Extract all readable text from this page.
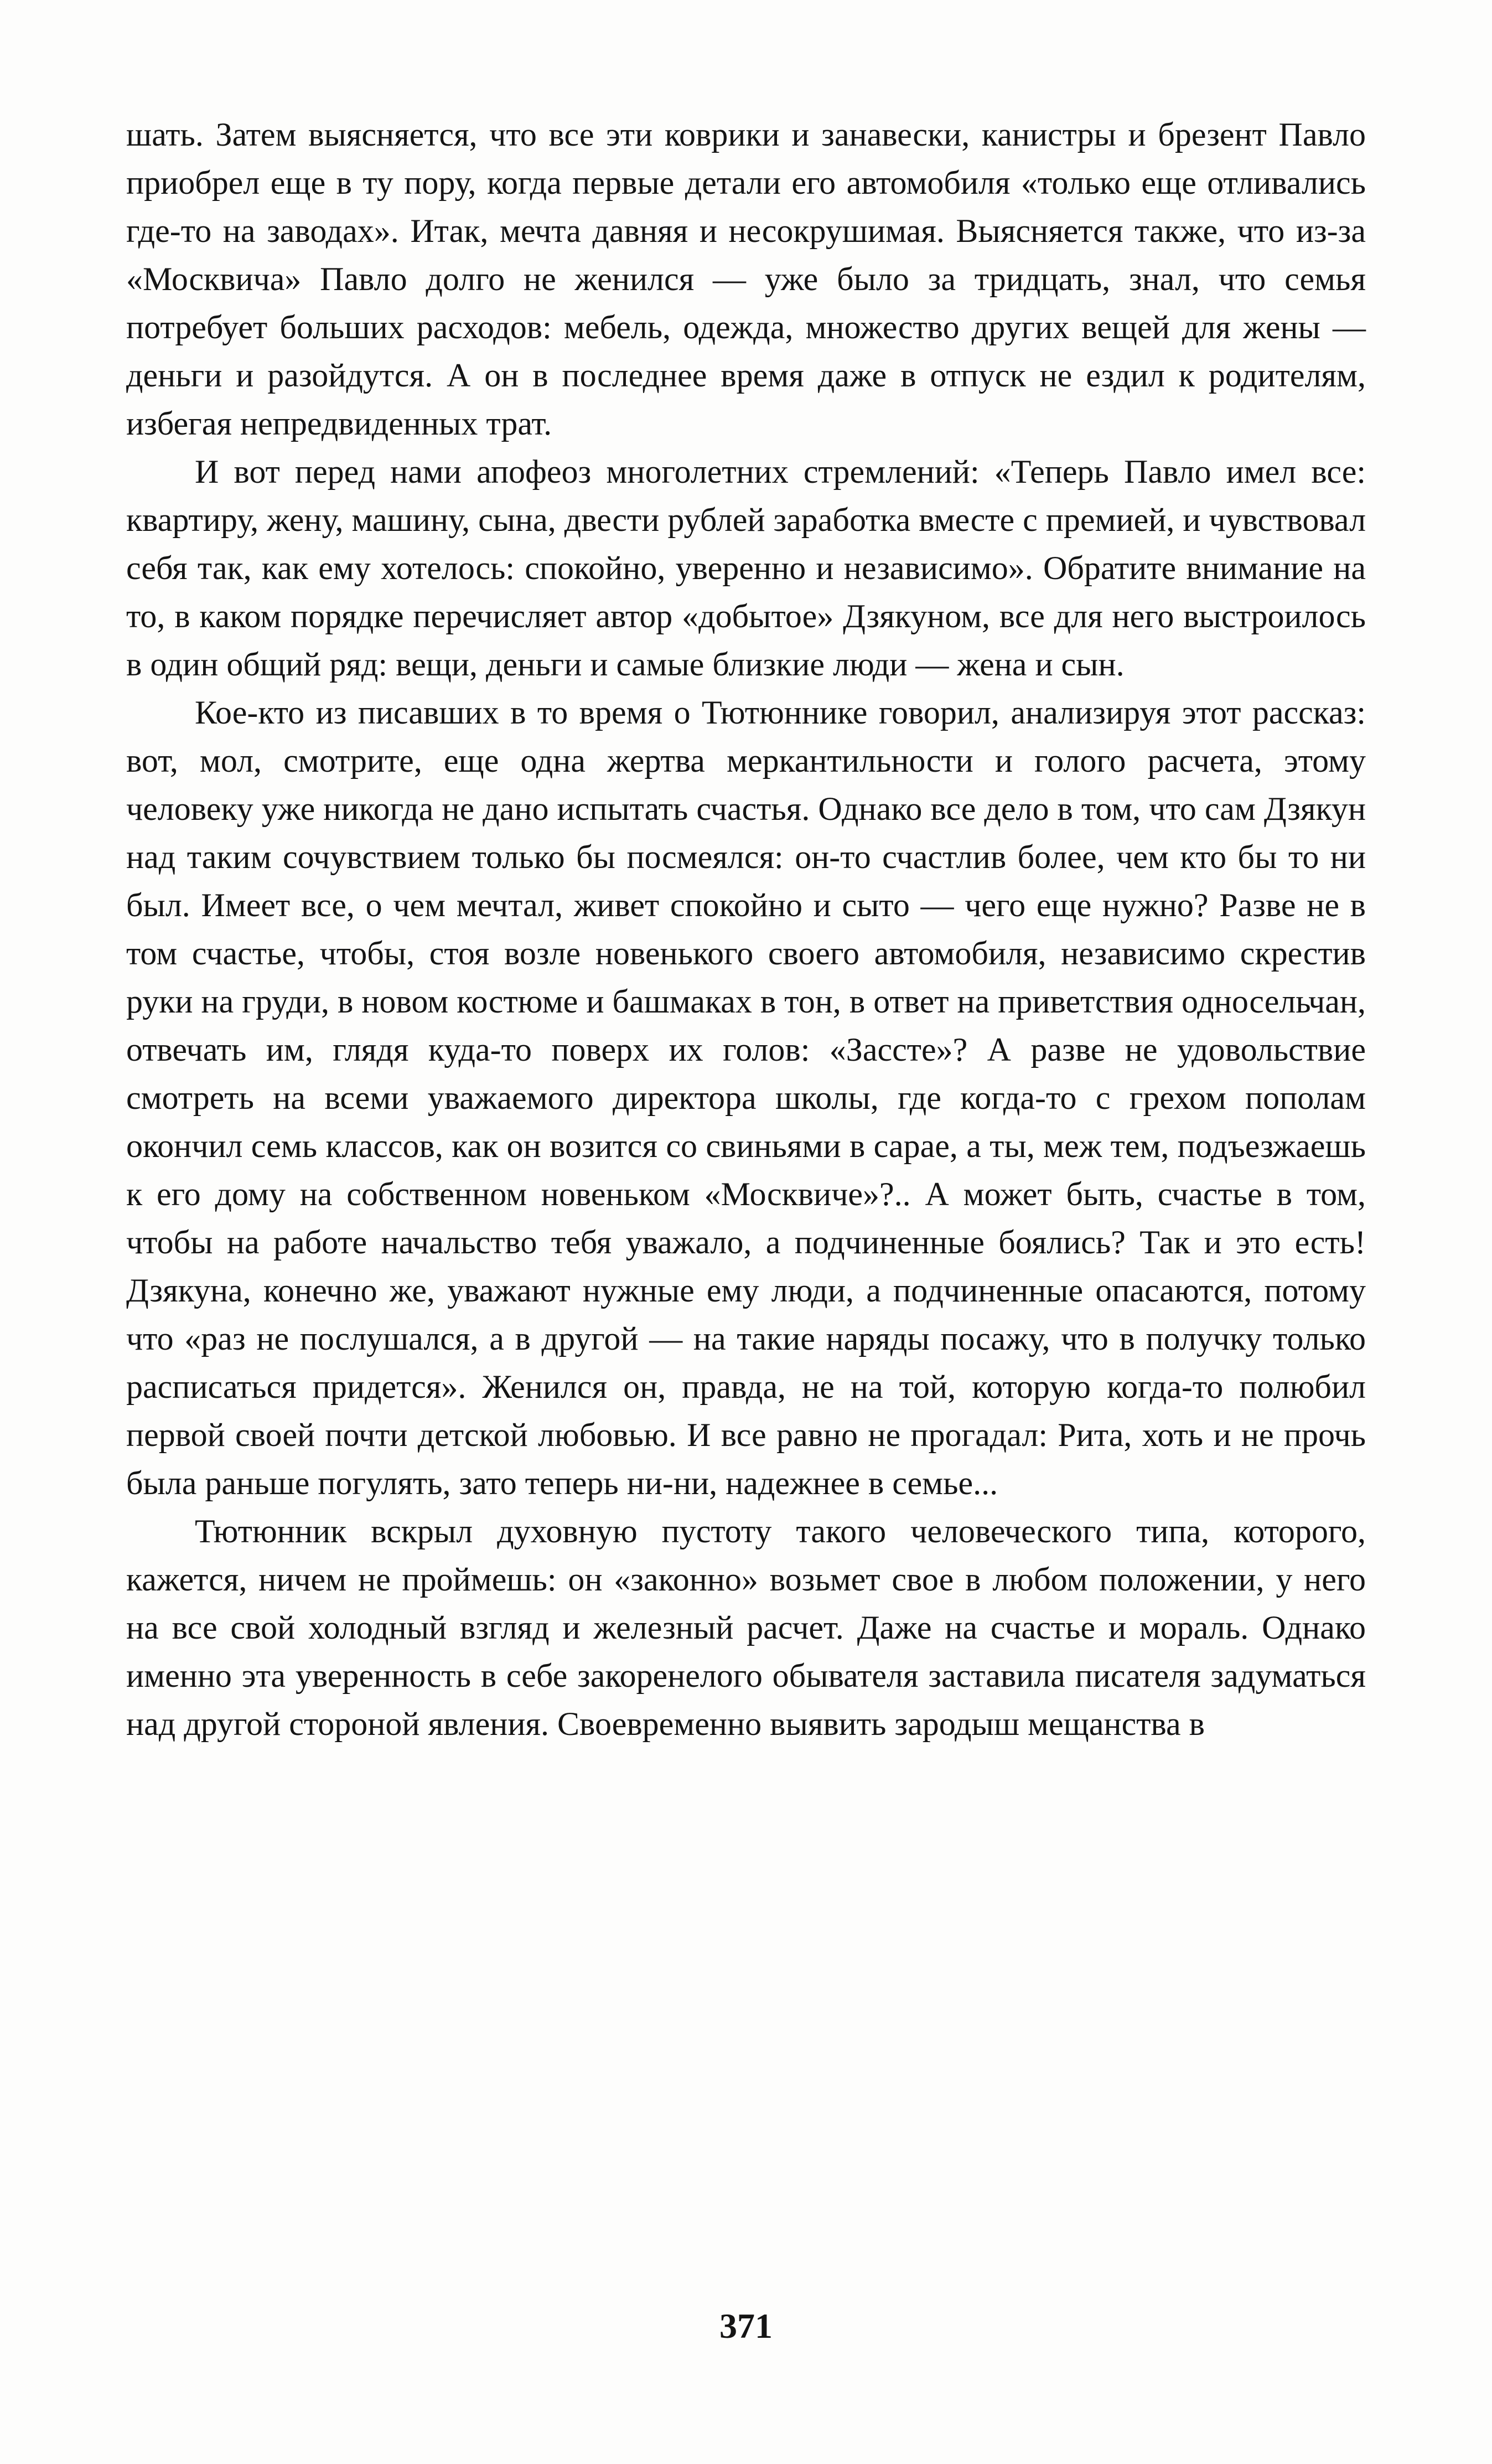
шать. Затем выясняется, что все эти коврики и занавески, канистры и брезент Павло приобрел еще в ту пору, когда первые детали его автомобиля «только еще отливались где-то на заводах». Итак, мечта давняя и несокрушимая. Выясняется также, что из-за «Москвича» Павло долго не женился — уже было за тридцать, знал, что семья потребует больших расходов: мебель, одежда, множество других вещей для жены — деньги и разойдутся. А он в последнее время даже в отпуск не ездил к родителям, избегая непредвиденных трат.

И вот перед нами апофеоз многолетних стремлений: «Теперь Павло имел все: квартиру, жену, машину, сына, двести рублей заработка вместе с премией, и чувствовал себя так, как ему хотелось: спокойно, уверенно и независимо». Обратите внимание на то, в каком порядке перечисляет автор «добытое» Дзякуном, все для него выстроилось в один общий ряд: вещи, деньги и самые близкие люди — жена и сын.

Кое-кто из писавших в то время о Тютюннике говорил, анализируя этот рассказ: вот, мол, смотрите, еще одна жертва меркантильности и голого расчета, этому человеку уже никогда не дано испытать счастья. Однако все дело в том, что сам Дзякун над таким сочувствием только бы посмеялся: он-то счастлив более, чем кто бы то ни был. Имеет все, о чем мечтал, живет спокойно и сыто — чего еще нужно? Разве не в том счастье, чтобы, стоя возле новенького своего автомобиля, независимо скрестив руки на груди, в новом костюме и башмаках в тон, в ответ на приветствия односельчан, отвечать им, глядя куда-то поверх их голов: «Зассте»? А разве не удовольствие смотреть на всеми уважаемого директора школы, где когда-то с грехом пополам окончил семь классов, как он возится со свиньями в сарае, а ты, меж тем, подъезжаешь к его дому на собственном новеньком «Москвиче»?.. А может быть, счастье в том, чтобы на работе начальство тебя уважало, а подчиненные боялись? Так и это есть! Дзякуна, конечно же, уважают нужные ему люди, а подчиненные опасаются, потому что «раз не послушался, а в другой — на такие наряды посажу, что в получку только расписаться придется». Женился он, правда, не на той, которую когда-то полюбил первой своей почти детской любовью. И все равно не прогадал: Рита, хоть и не прочь была раньше погулять, зато теперь ни-ни, надежнее в семье...

Тютюнник вскрыл духовную пустоту такого человеческого типа, которого, кажется, ничем не проймешь: он «законно» возьмет свое в любом положении, у него на все свой холодный взгляд и железный расчет. Даже на счастье и мораль. Однако именно эта уверенность в себе закоренелого обывателя заставила писателя задуматься над другой стороной явления. Своевременно выявить зародыш мещанства в

371
